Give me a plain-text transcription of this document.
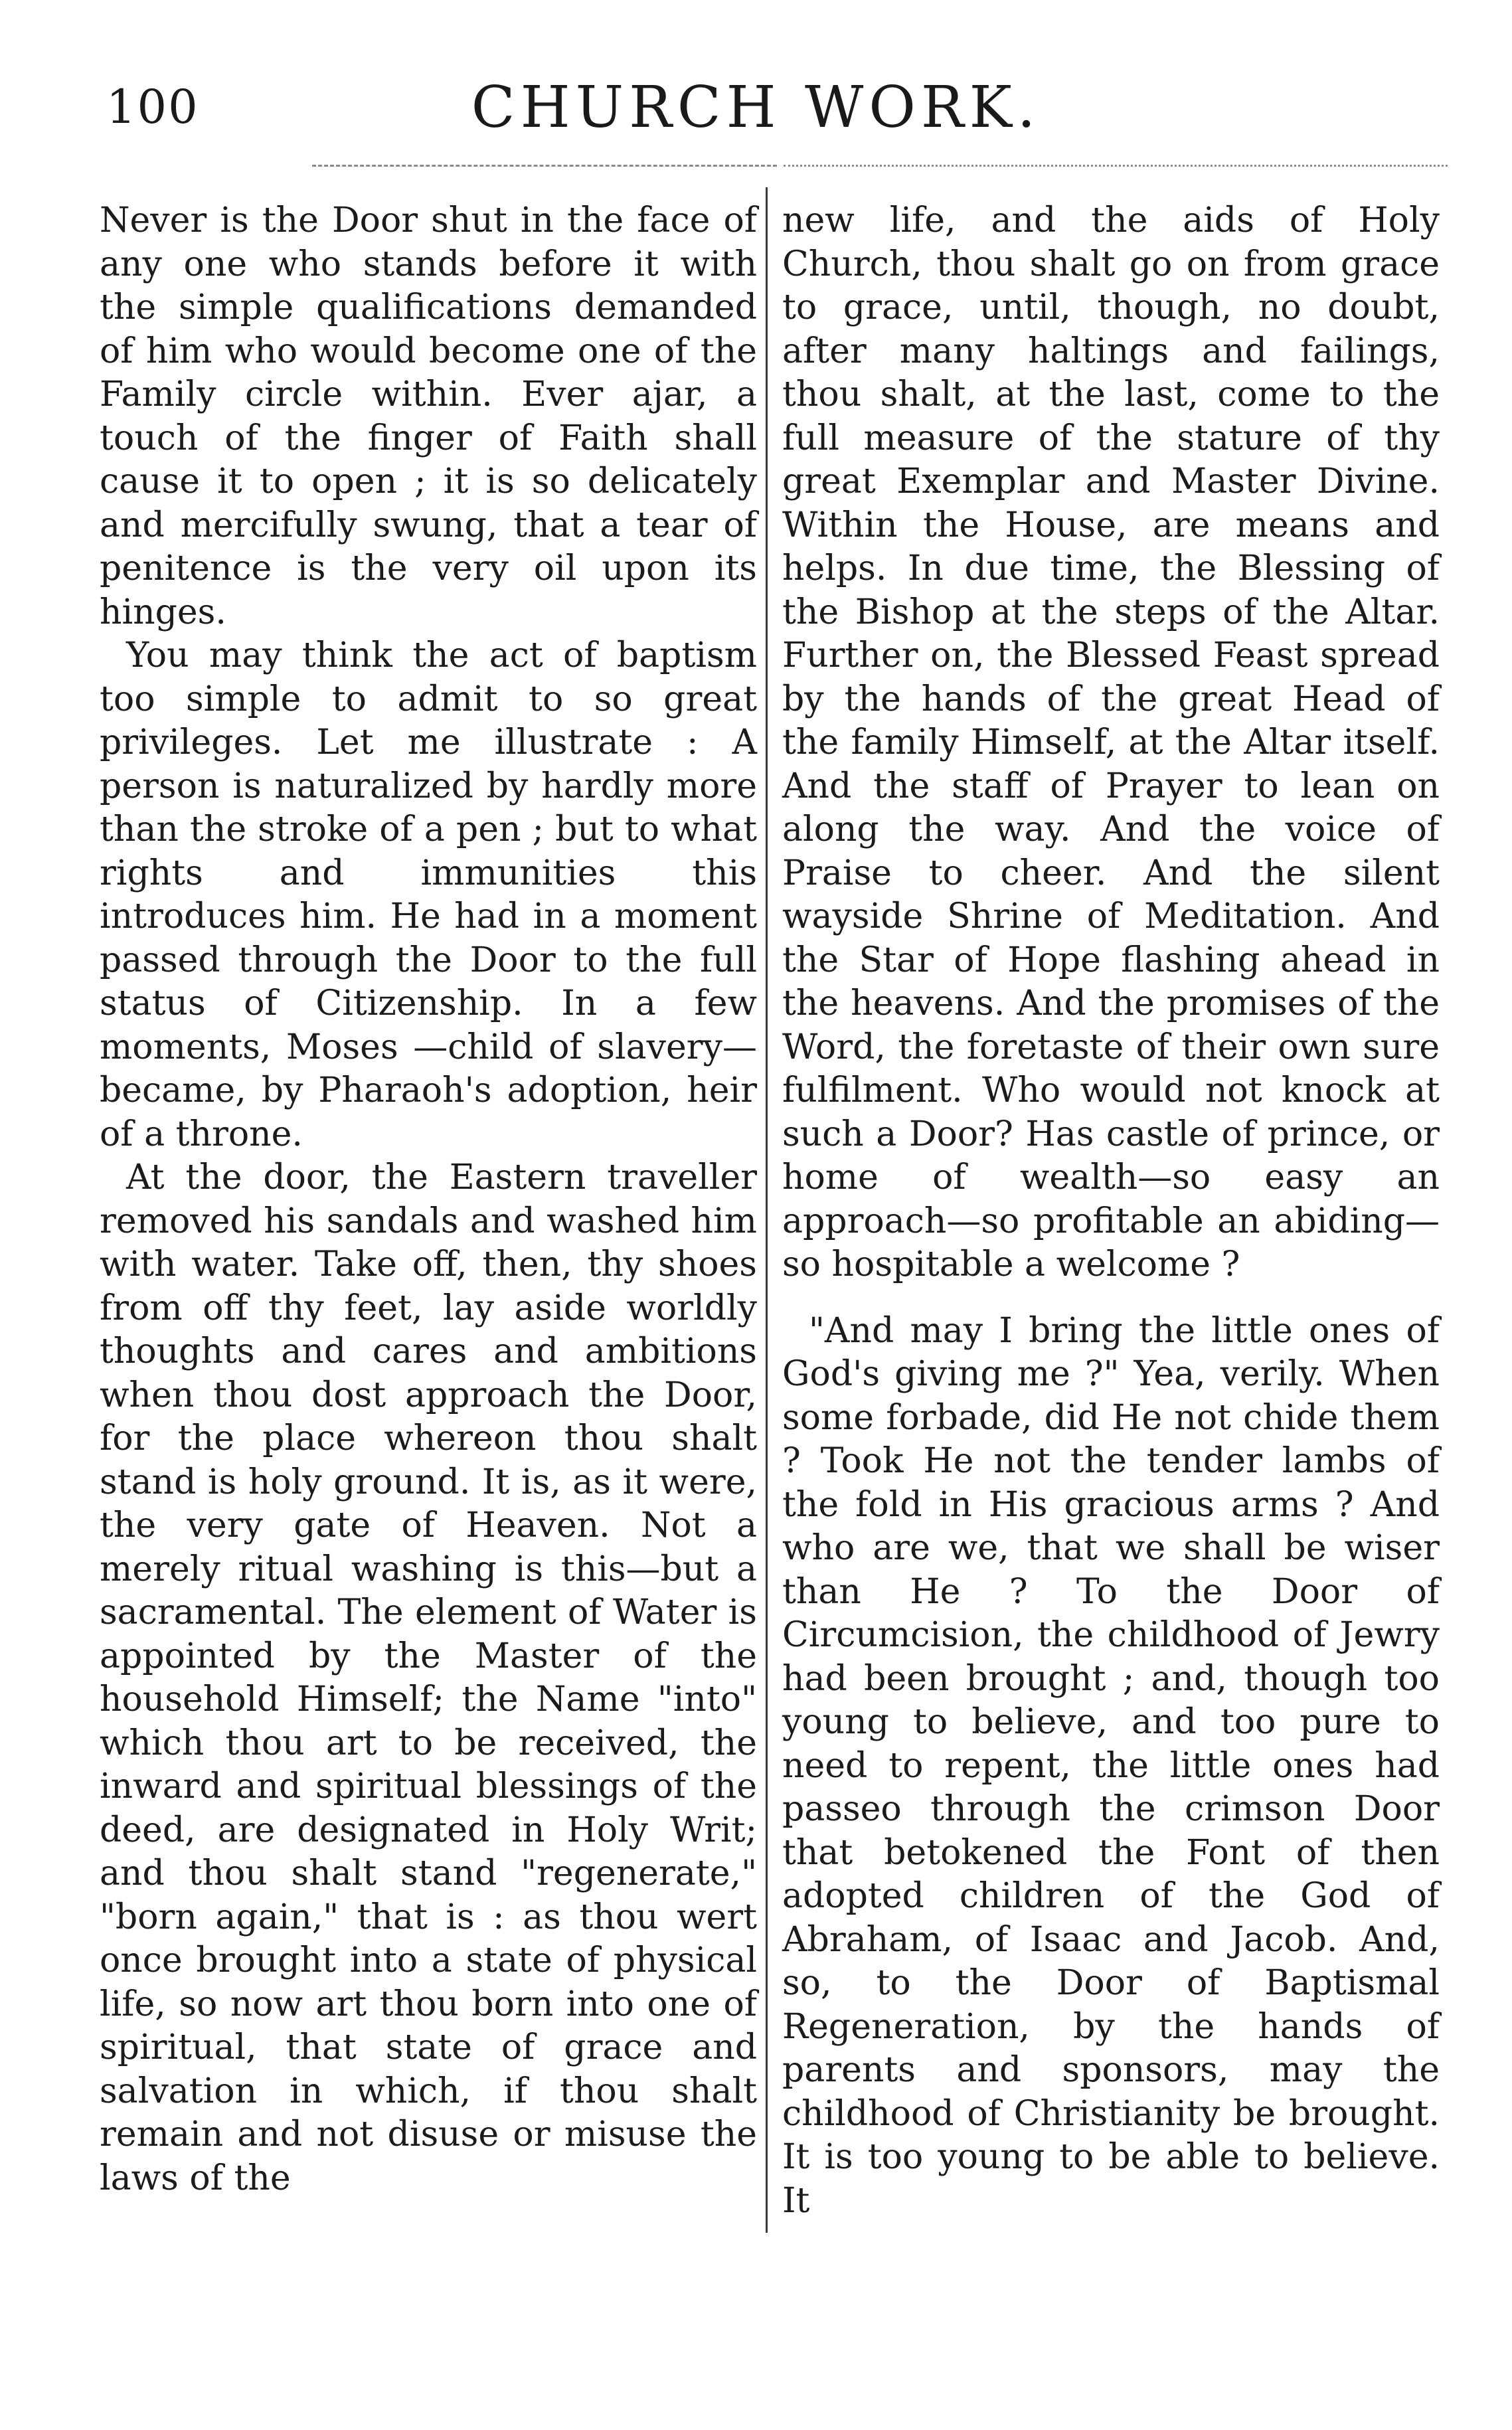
100	CHURCH WORK.

Never is the Door shut in the face of any one who stands before it with the simple qualifications demanded of him who would become one of the Family circle within. Ever ajar, a touch of the finger of Faith shall cause it to open ; it is so delicately and mercifully swung, that a tear of penitence is the very oil upon its hinges.

You may think the act of baptism too simple to admit to so great privileges. Let me illustrate : A person is naturalized by hardly more than the stroke of a pen ; but to what rights and immunities this introduces him. He had in a moment passed through the Door to the full status of Citizenship. In a few moments, Moses —child of slavery—became, by Pharaoh's adoption, heir of a throne.

At the door, the Eastern traveller removed his sandals and washed him with water. Take off, then, thy shoes from off thy feet, lay aside worldly thoughts and cares and ambitions when thou dost approach the Door, for the place whereon thou shalt stand is holy ground. It is, as it were, the very gate of Heaven. Not a merely ritual washing is this—but a sacramental. The element of Water is appointed by the Master of the household Himself; the Name "into" which thou art to be received, the inward and spiritual blessings of the deed, are designated in Holy Writ; and thou shalt stand "regenerate," "born again," that is : as thou wert once brought into a state of physical life, so now art thou born into one of spiritual, that state of grace and salvation in which, if thou shalt remain and not disuse or misuse the laws of the

new life, and the aids of Holy Church, thou shalt go on from grace to grace, until, though, no doubt, after many haltings and failings, thou shalt, at the last, come to the full measure of the stature of thy great Exemplar and Master Divine. Within the House, are means and helps. In due time, the Blessing of the Bishop at the steps of the Altar. Further on, the Blessed Feast spread by the hands of the great Head of the family Himself, at the Altar itself. And the staff of Prayer to lean on along the way. And the voice of Praise to cheer. And the silent wayside Shrine of Meditation. And the Star of Hope flashing ahead in the heavens. And the promises of the Word, the foretaste of their own sure fulfilment. Who would not knock at such a Door? Has castle of prince, or home of wealth—so easy an approach—so profitable an abiding—so hospitable a welcome ?

"And may I bring the little ones of God's giving me ?" Yea, verily. When some forbade, did He not chide them ? Took He not the tender lambs of the fold in His gracious arms ? And who are we, that we shall be wiser than He ? To the Door of Circumcision, the childhood of Jewry had been brought ; and, though too young to believe, and too pure to need to repent, the little ones had passeo through the crimson Door that betokened the Font of then adopted children of the God of Abraham, of Isaac and Jacob. And, so, to the Door of Baptismal Regeneration, by the hands of parents and sponsors, may the childhood of Christianity be brought. It is too young to be able to believe. It
